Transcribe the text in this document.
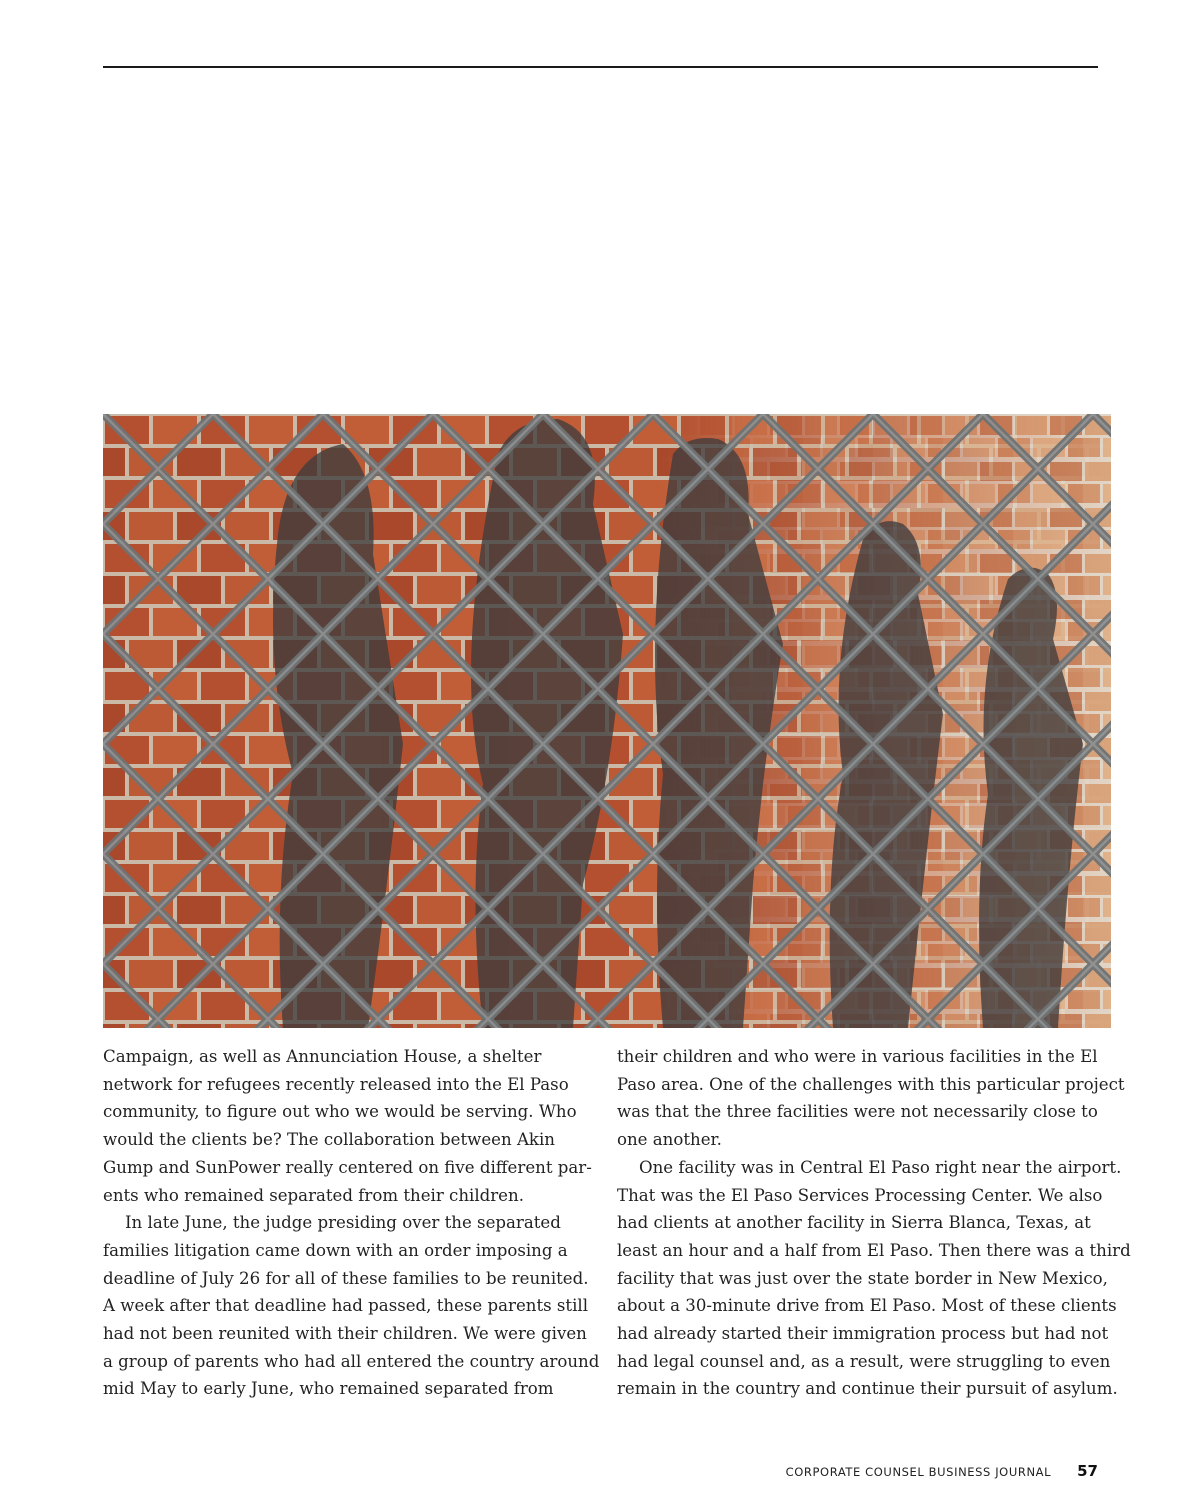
Campaign, as well as Annunciation House, a shelter

network for refugees recently released into the El Paso

community, to figure out who we would be serving. Who

would the clients be? The collaboration between Akin

Gump and SunPower really centered on five different par-

ents who remained separated from their children.

In late June, the judge presiding over the separated

families litigation came down with an order imposing a

deadline of July 26 for all of these families to be reunited.

A week after that deadline had passed, these parents still

had not been reunited with their children. We were given

a group of parents who had all entered the country around

mid May to early June, who remained separated from

their children and who were in various facilities in the El

Paso area. One of the challenges with this particular project

was that the three facilities were not necessarily close to

one another.

One facility was in Central El Paso right near the airport.

That was the El Paso Services Processing Center. We also

had clients at another facility in Sierra Blanca, Texas, at

least an hour and a half from El Paso. Then there was a third

facility that was just over the state border in New Mexico,

about a 30-minute drive from El Paso. Most of these clients

had already started their immigration process but had not

had legal counsel and, as a result, were struggling to even

remain in the country and continue their pursuit of asylum.

CORPORATE COUNSEL BUSINESS JOURNAL 57
